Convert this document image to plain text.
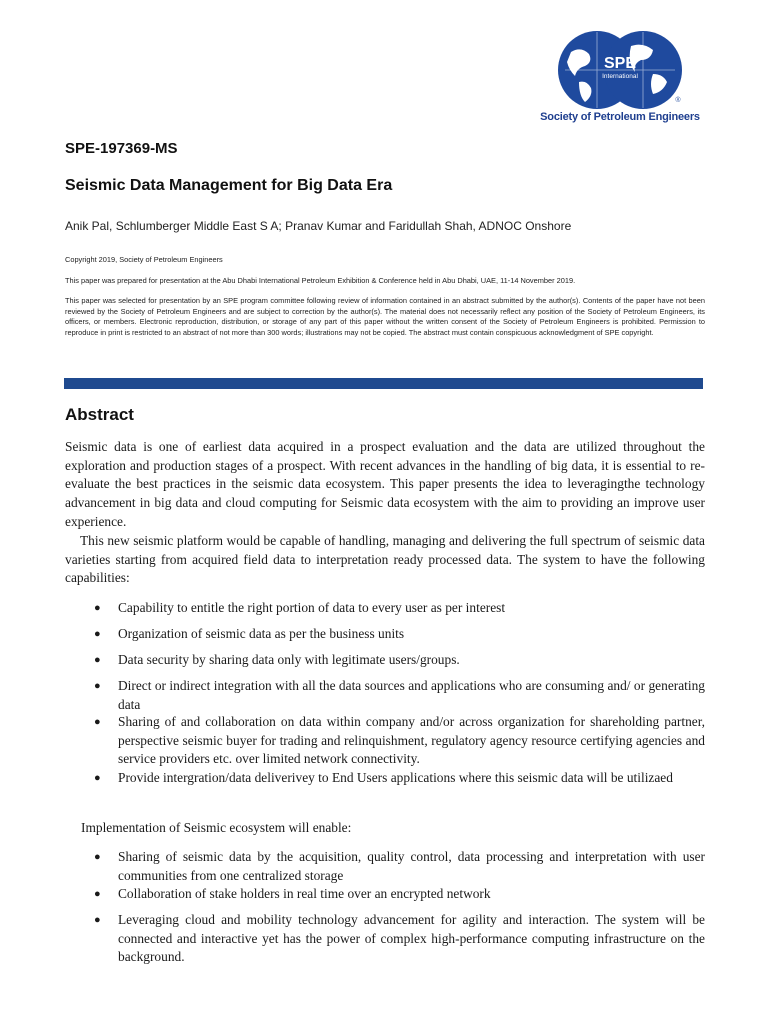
SPE
International
®
Society of Petroleum Engineers
SPE-197369-MS
Seismic Data Management for Big Data Era
Anik Pal, Schlumberger Middle East S A; Pranav Kumar and Faridullah Shah, ADNOC Onshore
Copyright 2019, Society of Petroleum Engineers
This paper was prepared for presentation at the Abu Dhabi International Petroleum Exhibition & Conference held in Abu Dhabi, UAE, 11-14 November 2019.
This paper was selected for presentation by an SPE program committee following review of information contained in an abstract submitted by the author(s). Contents of the paper have not been reviewed by the Society of Petroleum Engineers and are subject to correction by the author(s). The material does not necessarily reflect any position of the Society of Petroleum Engineers, its officers, or members. Electronic reproduction, distribution, or storage of any part of this paper without the written consent of the Society of Petroleum Engineers is prohibited. Permission to reproduce in print is restricted to an abstract of not more than 300 words; illustrations may not be copied. The abstract must contain conspicuous acknowledgment of SPE copyright.
Abstract
Seismic data is one of earliest data acquired in a prospect evaluation and the data are utilized throughout the exploration and production stages of a prospect. With recent advances in the handling of big data, it is essential to re-evaluate the best practices in the seismic data ecosystem. This paper presents the idea to leveragingthe technology advancement in big data and cloud computing for Seismic data ecosystem with the aim to providing an improve user experience.
This new seismic platform would be capable of handling, managing and delivering the full spectrum of seismic data varieties starting from acquired field data to interpretation ready processed data. The system to have the following capabilities:
●	Capability to entitle the right portion of data to every user as per interest
●	Organization of seismic data as per the business units
●	Data security by sharing data only with legitimate users/groups.
●	Direct or indirect integration with all the data sources and applications who are consuming and/ or generating data
●	Sharing of and collaboration on data within company and/or across organization for shareholding partner, perspective seismic buyer for trading and relinquishment, regulatory agency resource certifying agencies and service providers etc. over limited network connectivity.
●	Provide intergration/data deliverivey to End Users applications where this seismic data will be utilizaed
Implementation of Seismic ecosystem will enable:
●	Sharing of seismic data by the acquisition, quality control, data processing and interpretation with user communities from one centralized storage
●	Collaboration of stake holders in real time over an encrypted network
●	Leveraging cloud and mobility technology advancement for agility and interaction. The system will be connected and interactive yet has the power of complex high-performance computing infrastructure on the background.
